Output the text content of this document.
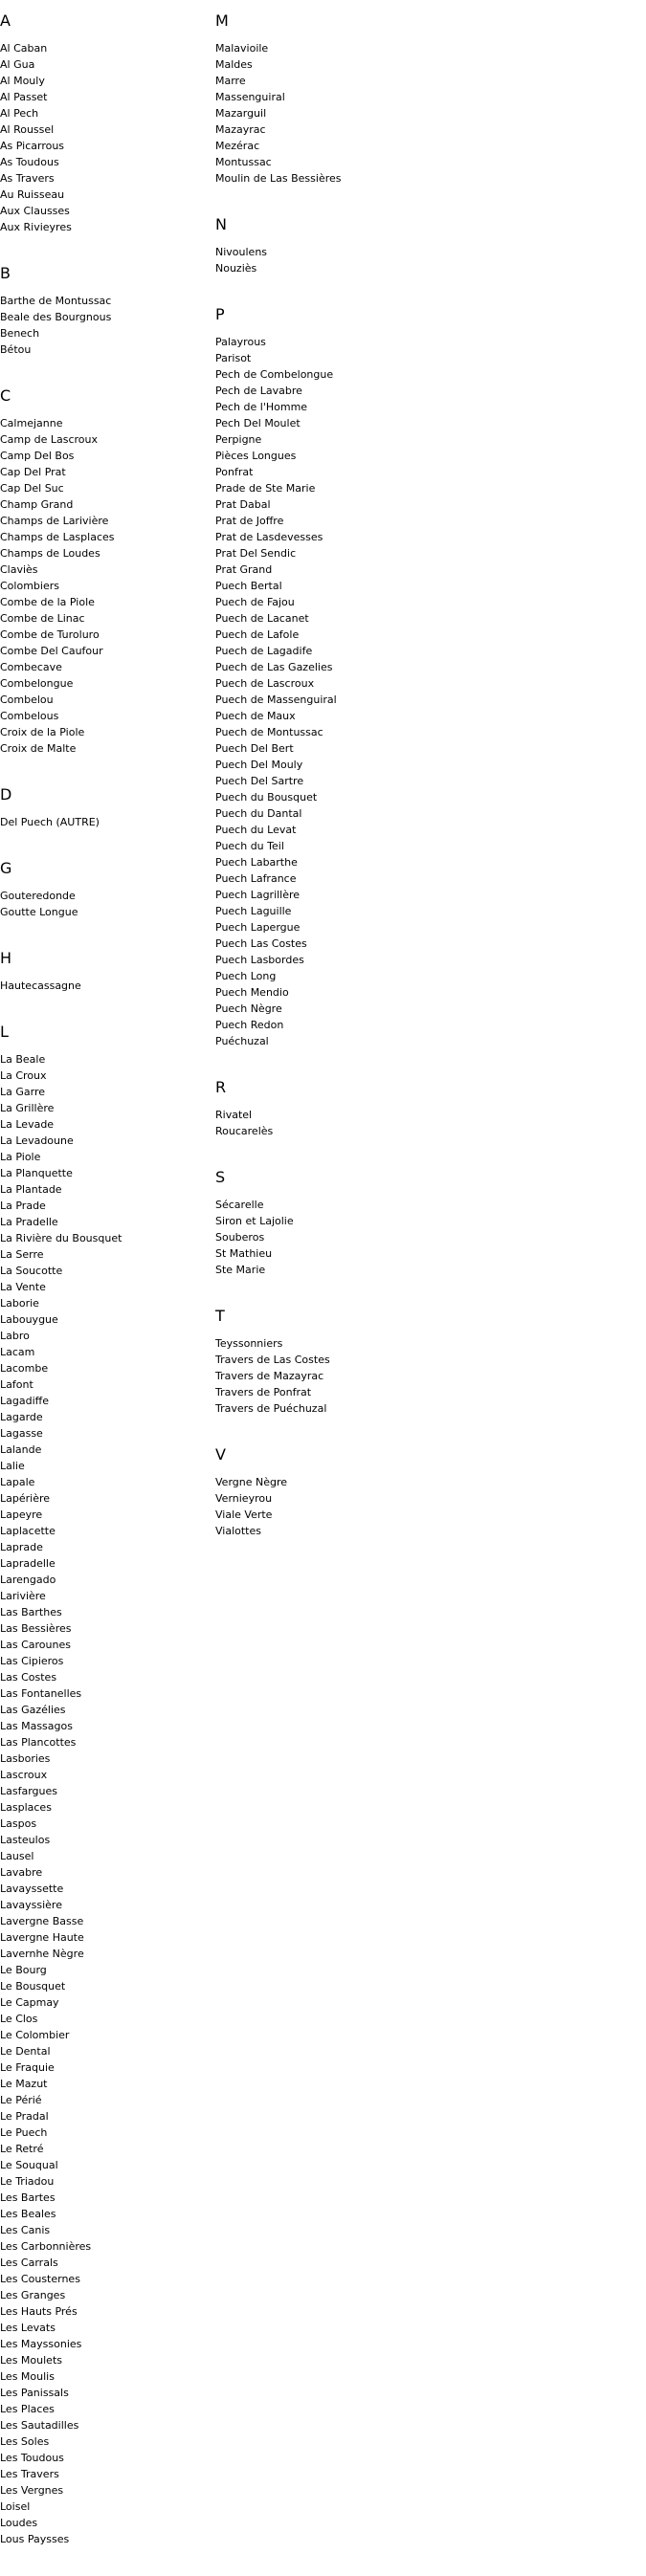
A
Al Caban
Al Gua
Al Mouly
Al Passet
Al Pech
Al Roussel
As Picarrous
As Toudous
As Travers
Au Ruisseau
Aux Clausses
Aux Rivieyres
B
Barthe de Montussac
Beale des Bourgnous
Benech
Bétou
C
Calmejanne
Camp de Lascroux
Camp Del Bos
Cap Del Prat
Cap Del Suc
Champ Grand
Champs de Larivière
Champs de Lasplaces
Champs de Loudes
Claviès
Colombiers
Combe de la Piole
Combe de Linac
Combe de Turoluro
Combe Del Caufour
Combecave
Combelongue
Combelou
Combelous
Croix de la Piole
Croix de Malte
D
Del Puech (AUTRE)
G
Gouteredonde
Goutte Longue
H
Hautecassagne
L
La Beale
La Croux
La Garre
La Grillère
La Levade
La Levadoune
La Piole
La Planquette
La Plantade
La Prade
La Pradelle
La Rivière du Bousquet
La Serre
La Soucotte
La Vente
Laborie
Labouygue
Labro
Lacam
Lacombe
Lafont
Lagadiffe
Lagarde
Lagasse
Lalande
Lalie
Lapale
Lapérière
Lapeyre
Laplacette
Laprade
Lapradelle
Larengado
Larivière
Las Barthes
Las Bessières
Las Carounes
Las Cipieros
Las Costes
Las Fontanelles
Las Gazélies
Las Massagos
Las Plancottes
Lasbories
Lascroux
Lasfargues
Lasplaces
Laspos
Lasteulos
Lausel
Lavabre
Lavayssette
Lavayssière
Lavergne Basse
Lavergne Haute
Lavernhe Nègre
Le Bourg
Le Bousquet
Le Capmay
Le Clos
Le Colombier
Le Dental
Le Fraquie
Le Mazut
Le Périé
Le Pradal
Le Puech
Le Retré
Le Souqual
Le Triadou
Les Bartes
Les Beales
Les Canis
Les Carbonnières
Les Carrals
Les Cousternes
Les Granges
Les Hauts Prés
Les Levats
Les Mayssonies
Les Moulets
Les Moulis
Les Panissals
Les Places
Les Sautadilles
Les Soles
Les Toudous
Les Travers
Les Vergnes
Loisel
Loudes
Lous Paysses
M
Malavioile
Maldes
Marre
Massenguiral
Mazarguil
Mazayrac
Mezérac
Montussac
Moulin de Las Bessières
N
Nivoulens
Nouziès
P
Palayrous
Parisot
Pech de Combelongue
Pech de Lavabre
Pech de l'Homme
Pech Del Moulet
Perpigne
Pièces Longues
Ponfrat
Prade de Ste Marie
Prat Dabal
Prat de Joffre
Prat de Lasdevesses
Prat Del Sendic
Prat Grand
Puech Bertal
Puech de Fajou
Puech de Lacanet
Puech de Lafole
Puech de Lagadife
Puech de Las Gazelies
Puech de Lascroux
Puech de Massenguiral
Puech de Maux
Puech de Montussac
Puech Del Bert
Puech Del Mouly
Puech Del Sartre
Puech du Bousquet
Puech du Dantal
Puech du Levat
Puech du Teil
Puech Labarthe
Puech Lafrance
Puech Lagrillère
Puech Laguille
Puech Lapergue
Puech Las Costes
Puech Lasbordes
Puech Long
Puech Mendio
Puech Nègre
Puech Redon
Puéchuzal
R
Rivatel
Roucarelès
S
Sécarelle
Siron et Lajolie
Souberos
St Mathieu
Ste Marie
T
Teyssonniers
Travers de Las Costes
Travers de Mazayrac
Travers de Ponfrat
Travers de Puéchuzal
V
Vergne Nègre
Vernieyrou
Viale Verte
Vialottes
